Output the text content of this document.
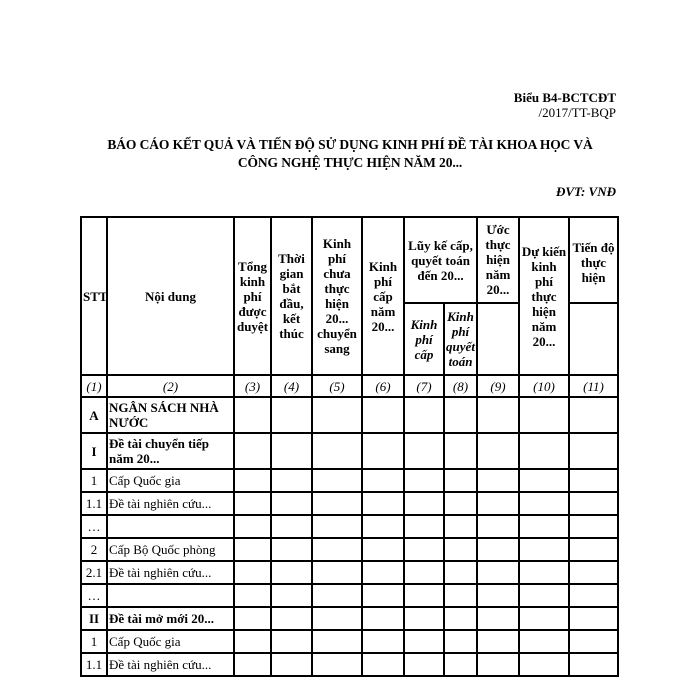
Biểu B4-BCTCĐT
/2017/TT-BQP
BÁO CÁO KẾT QUẢ VÀ TIẾN ĐỘ SỬ DỤNG KINH PHÍ ĐỀ TÀI KHOA HỌC VÀ
CÔNG NGHỆ THỰC HIỆN NĂM 20...
ĐVT: VNĐ
STT	Nội dung	Tổng kinh phí được duyệt	Thời gian bắt đầu, kết thúc	Kinh phí chưa thực hiện 20... chuyển sang	Kinh phí cấp năm 20...	Lũy kế cấp, quyết toán đến 20...		Ước thực hiện năm 20...	Dự kiến kinh phí thực hiện năm 20...	Tiến độ thực hiện
						Kinh phí cấp	Kinh phí quyết toán			
(1)	(2)	(3)	(4)	(5)	(6)	(7)	(8)	(9)	(10)	(11)
A	NGÂN SÁCH NHÀ NƯỚC									
I	Đề tài chuyển tiếp năm 20...									
1	Cấp Quốc gia									
1.1	Đề tài nghiên cứu...									
…										
2	Cấp Bộ Quốc phòng									
2.1	Đề tài nghiên cứu...									
…										
II	Đề tài mở mới 20...									
1	Cấp Quốc gia									
1.1	Đề tài nghiên cứu...									
